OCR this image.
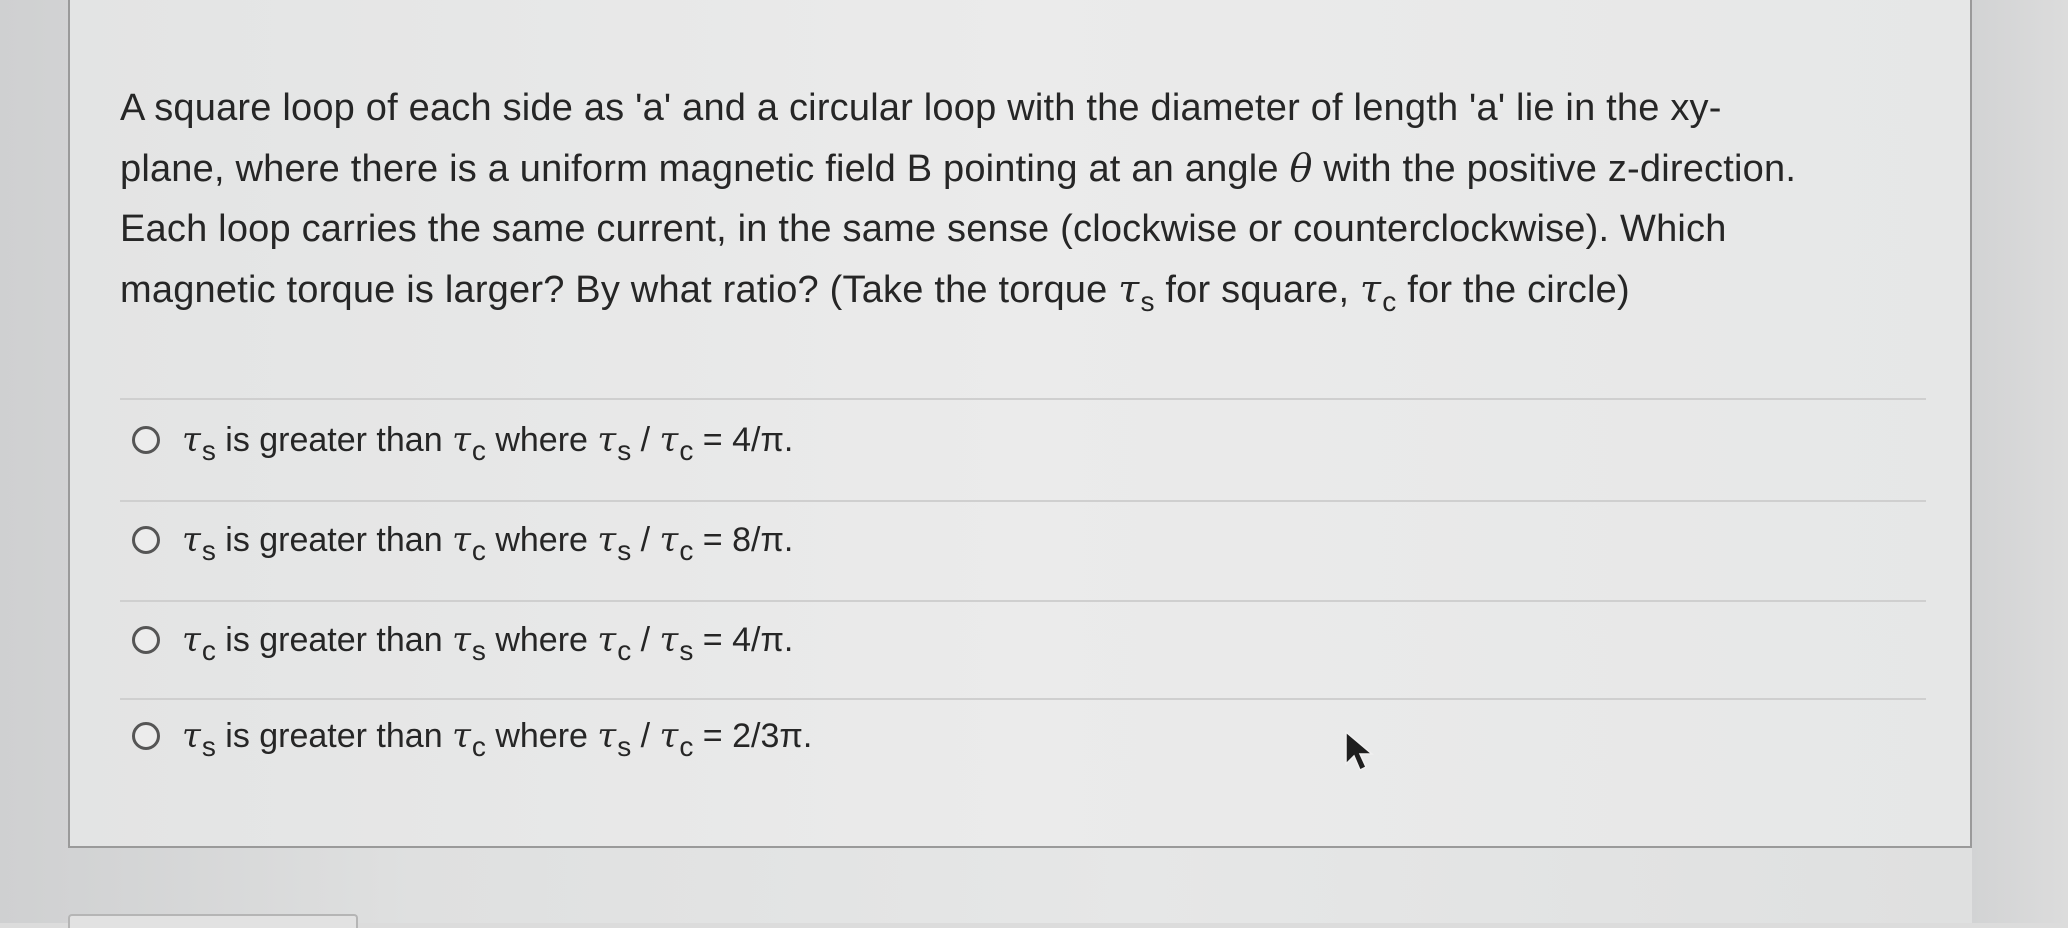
A square loop of each side as 'a' and a circular loop with the diameter of length 'a' lie in the xy-
plane, where there is a uniform magnetic field B pointing at an angle θ with the positive z-direction.
Each loop carries the same current, in the same sense (clockwise or counterclockwise). Which
magnetic torque is larger? By what ratio? (Take the torque $\tau_s$ for square, $\tau_c$ for the circle)
$\tau_s$ is greater than $\tau_c$ where $\tau_s / \tau_c = 4/\pi$.
$\tau_s$ is greater than $\tau_c$ where $\tau_s / \tau_c = 8/\pi$.
$\tau_c$ is greater than $\tau_s$ where $\tau_c / \tau_s = 4/\pi$.
$\tau_s$ is greater than $\tau_c$ where $\tau_s / \tau_c = 2/3\pi$.
